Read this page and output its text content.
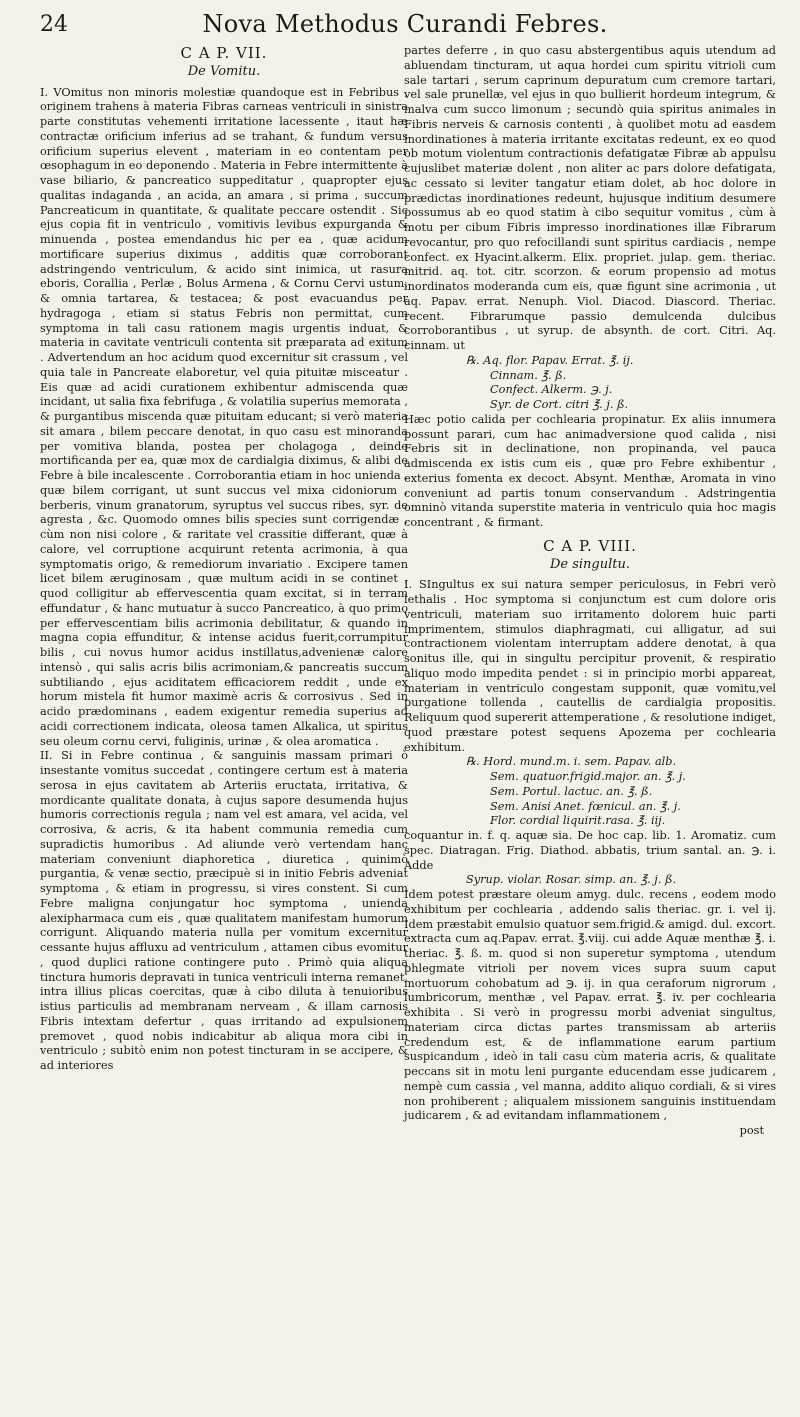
24	Nova Methodus Curandi Febres.
C A P. VII.
De Vomitu.

I. VOmitus non minoris molestiæ quandoque est in Febribus , originem trahens à materia Fibras carneas ventriculi in sinistra parte constitutas vehementi irritatione lacessente , itaut hæ contractæ orificium inferius ad se trahant, & fundum versus orificium superius elevent , materiam in eo contentam per œsophagum in eo deponendo . Materia in Febre intermittente à vase biliario, & pancreatico suppeditatur , quapropter ejus qualitas indaganda , an acida, an amara , si prima , succum Pancreaticum in quantitate, & qualitate peccare ostendit . Sic ejus copia fit in ventriculo , vomitivis levibus expurganda & minuenda , postea emendandus hic per ea , quæ acidum mortificare superius diximus , additis quæ corroborant adstringendo ventriculum, & acido sint inimica, ut rasura eboris, Corallia , Perlæ , Bolus Armena , & Cornu Cervi ustum, & omnia tartarea, & testacea; & post evacuandus per hydragoga , etiam si status Febris non permittat, cum symptoma in tali casu rationem magis urgentis induat, & materia in cavitate ventriculi contenta sit præparata ad exitum . Advertendum an hoc acidum quod excernitur sit crassum , vel quia tale in Pancreate elaboretur, vel quia pituitæ misceatur . Eis quæ ad acidi curationem exhibentur admiscenda quæ incidant, ut salia fixa febrifuga , & volatilia superius memorata , & purgantibus miscenda quæ pituitam educant; si verò materia sit amara , bilem peccare denotat, in quo casu est minoranda per vomitiva blanda, postea per cholagoga , deinde mortificanda per ea, quæ mox de cardialgia diximus, & alibi de Febre à bile incalescente . Corroborantia etiam in hoc unienda , quæ bilem corrigant, ut sunt succus vel mixa cidoniorum , berberis, vinum granatorum, syruptus vel succus ribes, syr. de agresta , &c. Quomodo omnes bilis species sunt corrigendæ , cùm non nisi colore , & raritate vel crassitie differant, quæ à calore, vel corruptione acquirunt retenta acrimonia, à qua symptomatis origo, & remediorum invariatio . Excipere tamen licet bilem æruginosam , quæ multum acidi in se continet , quod colligitur ab effervescentia quam excitat, si in terram effundatur , & hanc mutuatur à succo Pancreatico, à quo primo per effervescentiam bilis acrimonia debilitatur, & quando in magna copia effunditur, & intense acidus fuerit,corrumpitur bilis , cui novus humor acidus instillatus,advenienæ calore intensò , qui salis acris bilis acrimoniam,& pancreatis succum subtiliando , ejus aciditatem efficaciorem reddit , unde ex horum mistela fit humor maximè acris & corrosivus . Sed in acido prædominans , eadem exigentur remedia superius ad acidi correctionem indicata, oleosa tamen Alkalica, ut spiritus seu oleum cornu cervi, fuliginis, urinæ , & olea aromatica .

II. Si in Febre continua , & sanguinis massam primari ò insestante vomitus succedat , contingere certum est à materia serosa in ejus cavitatem ab Arteriis eructata, irritativa, & mordicante qualitate donata, à cujus sapore desumenda hujus humoris correctionis regula ; nam vel est amara, vel acida, vel corrosiva, & acris, & ita habent communia remedia cum supradictis humoribus . Ad aliunde verò vertendam hanc materiam conveniunt diaphoretica , diuretica , quinimò purgantia, & venæ sectio, præcipuè si in initio Febris adveniat symptoma , & etiam in progressu, si vires constent. Si cum Febre maligna conjungatur hoc symptoma , unienda alexipharmaca cum eis , quæ qualitatem manifestam humorum corrigunt. Aliquando materia nulla per vomitum excernitur cessante hujus affluxu ad ventriculum , attamen cibus evomitur , quod duplici ratione contingere puto . Primò quia aliqua tinctura humoris depravati in tunica ventriculi interna remanet, intra illius plicas coercitas, quæ à cibo diluta à tenuioribus istius particulis ad membranam nerveam , & illam carnosis Fibris intextam defertur , quas irritando ad expulsionem premovet , quod nobis indicabitur ab aliqua mora cibi in ventriculo ; subitò enim non potest tincturam in se accipere, & ad interiores

partes deferre , in quo casu abstergentibus aquis utendum ad abluendam tincturam, ut aqua hordei cum spiritu vitrioli cum sale tartari , serum caprinum depuratum cum cremore tartari, vel sale prunellæ, vel ejus in quo bullierit hordeum integrum, & malva cum succo limonum ; secundò quia spiritus animales in Fibris nerveis & carnosis contenti , à quolibet motu ad easdem inordinationes à materia irritante excitatas redeunt, ex eo quod ob motum violentum contractionis defatigatæ Fibræ ab appulsu cujuslibet materiæ dolent , non aliter ac pars dolore defatigata, ac cessato si leviter tangatur etiam dolet, ab hoc dolore in prædictas inordinationes redeunt, hujusque inditium desumere possumus ab eo quod statim à cibo sequitur vomitus , cùm à motu per cibum Fibris impresso inordinationes illæ Fibrarum revocantur, pro quo refocillandi sunt spiritus cardiacis , nempe confect. ex Hyacint.alkerm. Elix. propriet. julap. gem. theriac. mitrid. aq. tot. citr. scorzon. & eorum propensio ad motus inordinatos moderanda cum eis, quæ figunt sine acrimonia , ut aq. Papav. errat. Nenuph. Viol. Diacod. Diascord. Theriac. recent. Fibrarumque passio demulcenda dulcibus corroborantibus , ut syrup. de absynth. de cort. Citri. Aq. cinnam. ut

℞. Aq. flor. Papav. Errat. ℥. ij.

Cinnam. ℥. ß.

Confect. Alkerm. ℈. j.

Syr. de Cort. citri ℥. j. ß.

Hæc potio calida per cochlearia propinatur. Ex aliis innumera possunt parari, cum hac animadversione quod calida , nisi Febris sit in declinatione, non propinanda, vel pauca admiscenda ex istis cum eis , quæ pro Febre exhibentur , exterius fomenta ex decoct. Absynt. Menthæ, Aromata in vino conveniunt ad partis tonum conservandum . Adstringentia omninò vitanda superstite materia in ventriculo quia hoc magis concentrant , & firmant.

C A P. VIII.
De singultu.

I. SIngultus ex sui natura semper periculosus, in Febri verò lethalis . Hoc symptoma si conjunctum est cum dolore oris ventriculi, materiam suo irritamento dolorem huic parti imprimentem, stimulos diaphragmati, cui alligatur, ad sui contractionem violentam interruptam addere denotat, à qua sonitus ille, qui in singultu percipitur provenit, & respiratio aliquo modo impedita pendet : si in principio morbi appareat, materiam in ventriculo congestam supponit, quæ vomitu,vel purgatione tollenda , cautellis de cardialgia propositis. Reliquum quod supererit attemperatione , & resolutione indiget, quod præstare potest sequens Apozema per cochlearia exhibitum.

℞. Hord. mund.m. i. sem. Papav. alb.

Sem. quatuor.frigid.major. an. ℥. j.

Sem. Portul. lactuc. an. ℥. ß.

Sem. Anisi Anet. fœnicul. an. ℥. j.

Flor. cordial liquirit.rasa. ℥. iij.

coquantur in. f. q. aquæ sia. De hoc cap. lib. 1. Aromatiz. cum spec. Diatragan. Frig. Diathod. abbatis, trium santal. an. ℈. i. Adde

Syrup. violar. Rosar. simp. an. ℥. j. ß.

Idem potest præstare oleum amyg. dulc. recens , eodem modo exhibitum per cochlearia , addendo salis theriac. gr. i. vel ij. Idem præstabit emulsio quatuor sem.frigid.& amigd. dul. excort. extracta cum aq.Papav. errat. ℥.viij. cui adde Aquæ menthæ ℥. i. theriac. ℥. ß. m. quod si non superetur symptoma , utendum phlegmate vitrioli per novem vices supra suum caput mortuorum cohobatum ad ℈. ij. in qua ceraforum nigrorum , lumbricorum, menthæ , vel Papav. errat. ℥. iv. per cochlearia exhibita . Si verò in progressu morbi adveniat singultus, materiam circa dictas partes transmissam ab arteriis credendum est, & de inflammatione earum partium suspicandum , ideò in tali casu cùm materia acris, & qualitate peccans sit in motu leni purgante educendam esse judicarem , nempè cum cassia , vel manna, addito aliquo cordiali, & si vires non prohiberent ; aliqualem missionem sanguinis instituendam judicarem , & ad evitandam inflammationem ,

post
